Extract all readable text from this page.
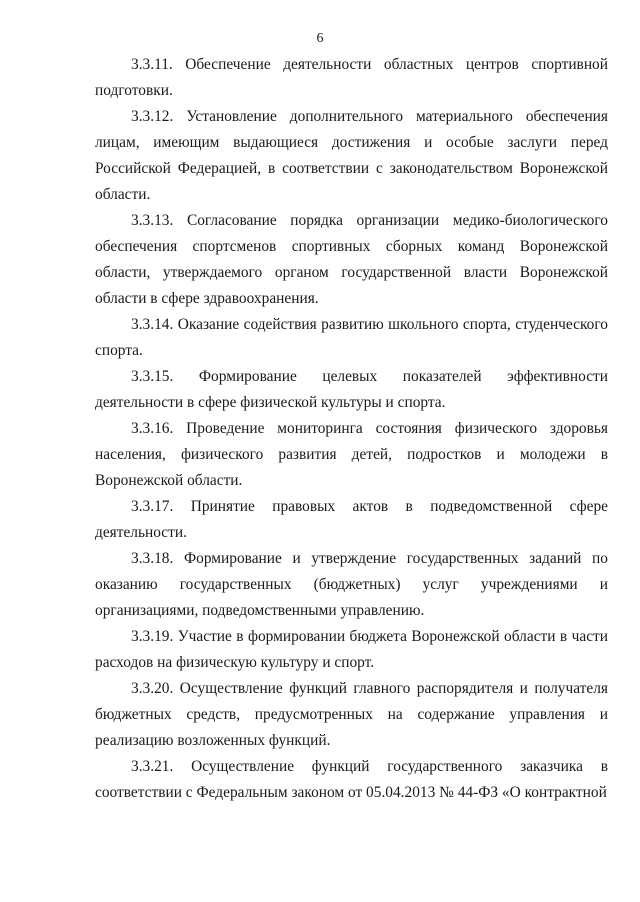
6

3.3.11. Обеспечение деятельности областных центров спортивной подготовки.

3.3.12. Установление дополнительного материального обеспечения лицам, имеющим выдающиеся достижения и особые заслуги перед Российской Федерацией, в соответствии с законодательством Воронежской области.

3.3.13. Согласование порядка организации медико-биологического обеспечения спортсменов спортивных сборных команд Воронежской области, утверждаемого органом государственной власти Воронежской области в сфере здравоохранения.

3.3.14. Оказание содействия развитию школьного спорта, студенческого спорта.

3.3.15. Формирование целевых показателей эффективности деятельности в сфере физической культуры и спорта.

3.3.16. Проведение мониторинга состояния физического здоровья населения, физического развития детей, подростков и молодежи в Воронежской области.

3.3.17. Принятие правовых актов в подведомственной сфере деятельности.

3.3.18. Формирование и утверждение государственных заданий по оказанию государственных (бюджетных) услуг учреждениями и организациями, подведомственными управлению.

3.3.19. Участие в формировании бюджета Воронежской области в части расходов на физическую культуру и спорт.

3.3.20. Осуществление функций главного распорядителя и получателя бюджетных средств, предусмотренных на содержание управления и реализацию возложенных функций.

3.3.21. Осуществление функций государственного заказчика в соответствии с Федеральным законом от 05.04.2013 № 44-ФЗ «О контрактной
